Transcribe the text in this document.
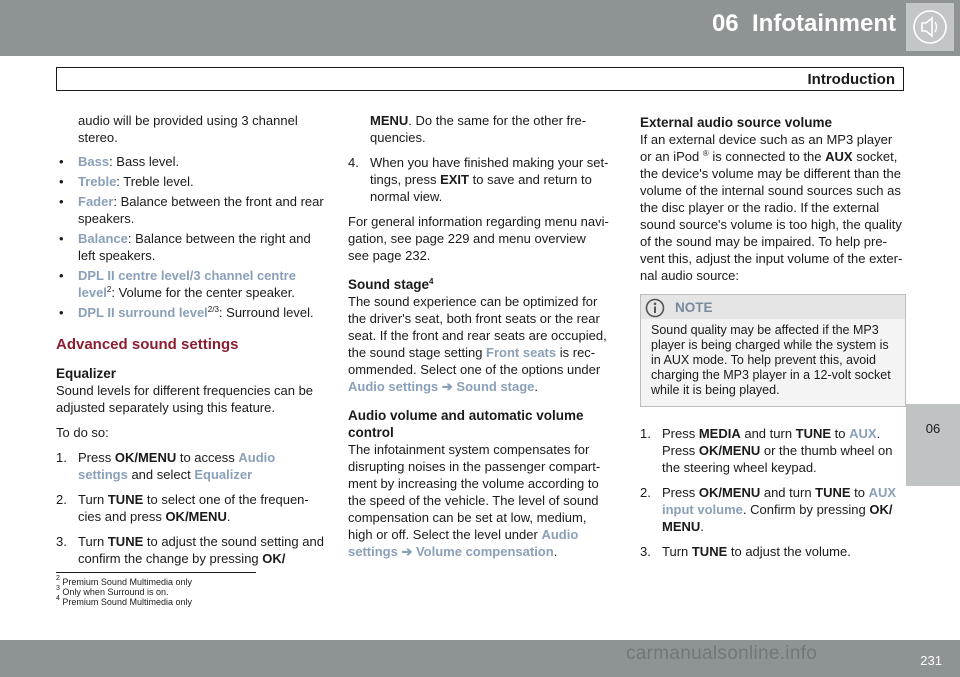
06 Infotainment
Introduction
06

audio will be provided using 3 channel stereo.

• Bass: Bass level.
• Treble: Treble level.
• Fader: Balance between the front and rear speakers.
• Balance: Balance between the right and left speakers.
• DPL II centre level/3 channel centre level$^2$: Volume for the center speaker.
• DPL II surround level$^{2/3}$: Surround level.
Advanced sound settings
Equalizer

Sound levels for different frequencies can be adjusted separately using this feature.

To do so:

1. Press OK/MENU to access Audio settings and select Equalizer
2. Turn TUNE to select one of the frequen-cies and press OK/MENU.
3. Turn TUNE to adjust the sound setting and confirm the change by pressing OK/

MENU. Do the same for the other fre-quencies.

4. When you have finished making your set-tings, press EXIT to save and return to normal view.

For general information regarding menu navi-gation, see page 229 and menu overview see page 232.

Sound stage$^4$

The sound experience can be optimized for the driver's seat, both front seats or the rear seat. If the front and rear seats are occupied, the sound stage setting Front seats is rec-ommended. Select one of the options under Audio settings ➔ Sound stage.

Audio volume and automatic volume control

The infotainment system compensates for disrupting noises in the passenger compart-ment by increasing the volume according to the speed of the vehicle. The level of sound compensation can be set at low, medium, high or off. Select the level under Audio settings ➔ Volume compensation.

External audio source volume

If an external device such as an MP3 player or an iPod ® is connected to the AUX socket, the device's volume may be different than the volume of the internal sound sources such as the disc player or the radio. If the external sound source's volume is too high, the quality of the sound may be impaired. To help pre-vent this, adjust the input volume of the exter-nal audio source:

NOTE
Sound quality may be affected if the MP3 player is being charged while the system is in AUX mode. To help prevent this, avoid charging the MP3 player in a 12-volt socket while it is being played.
1. Press MEDIA and turn TUNE to AUX. Press OK/MENU or the thumb wheel on the steering wheel keypad.
2. Press OK/MENU and turn TUNE to AUX input volume. Confirm by pressing OK/ MENU.
3. Turn TUNE to adjust the volume.
$^2$ Premium Sound Multimedia only
$^3$ Only when Surround is on.
$^4$ Premium Sound Multimedia only
231
carmanualsonline.info
